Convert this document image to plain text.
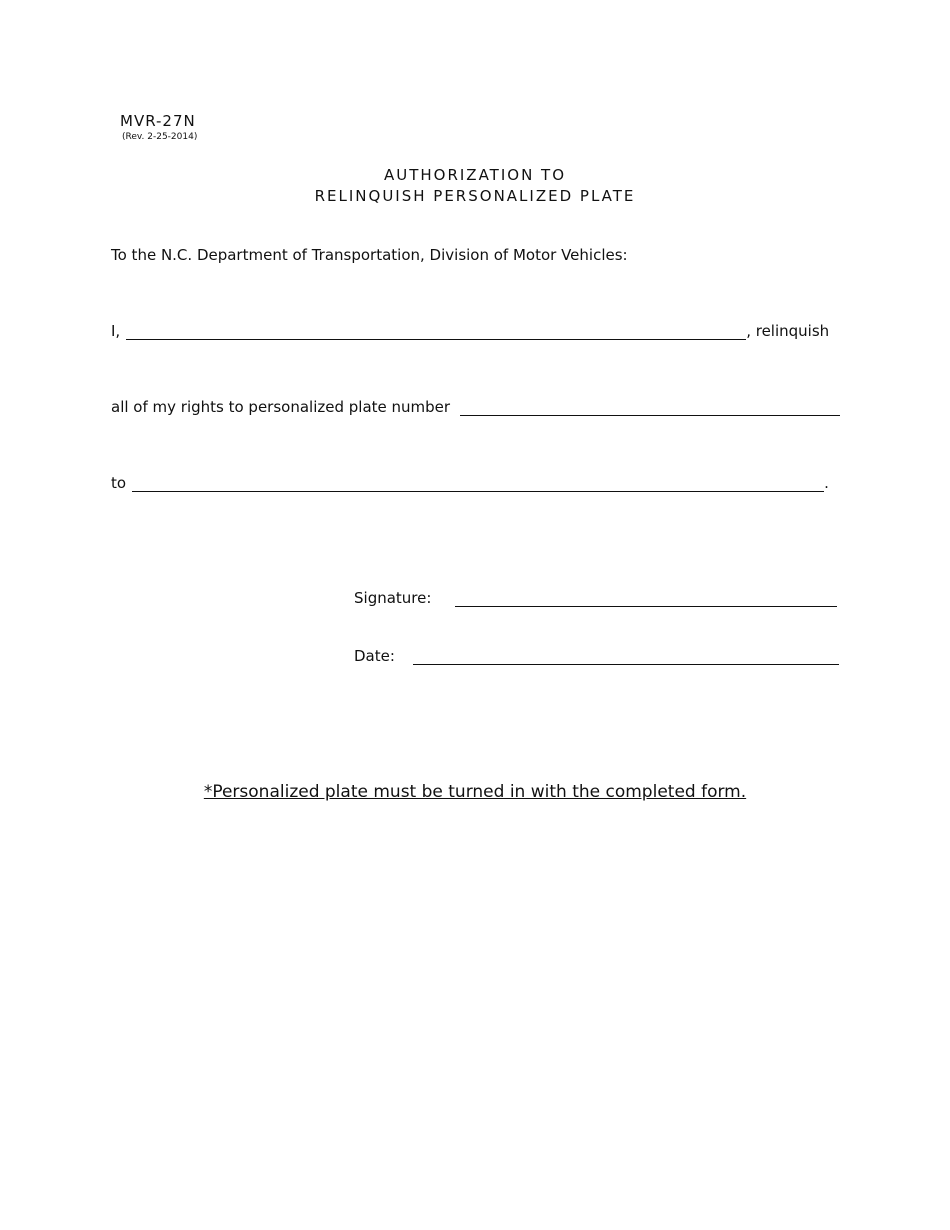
MVR-27N
(Rev. 2-25-2014)
AUTHORIZATION TO
RELINQUISH PERSONALIZED PLATE
To the N.C. Department of Transportation, Division of Motor Vehicles:
I,	, relinquish
all of my rights to personalized plate number
to	.
Signature:
Date:
*Personalized plate must be turned in with the completed form.
